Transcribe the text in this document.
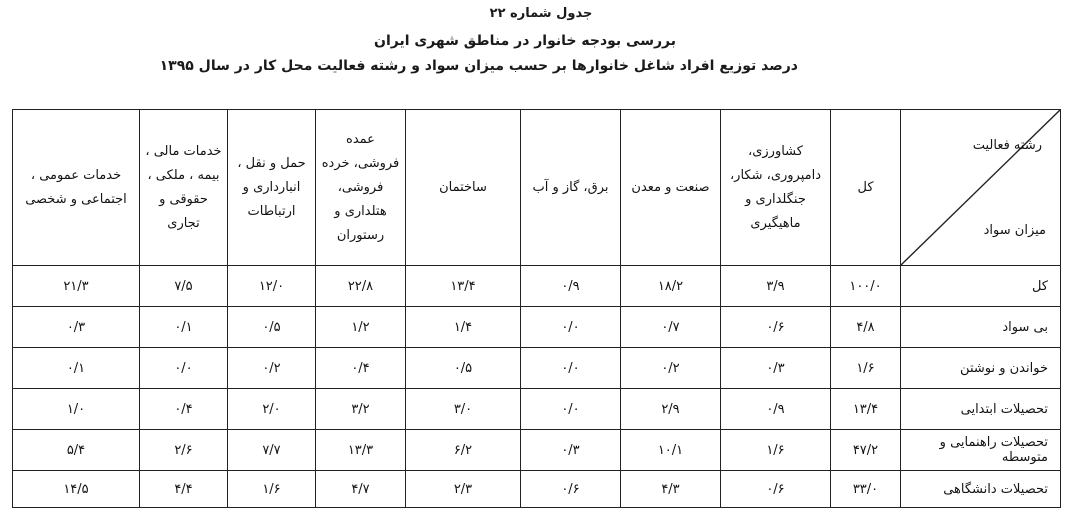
جدول شماره ۲۲
بررسی بودجه خانوار در مناطق شهری ایران
درصد توزیع افراد شاغل خانوارها بر حسب میزان سواد و رشته فعالیت محل کار در سال ۱۳۹۵
رشته فعالیت
میزان سواد	کل	کشاورزی، دامپروری، شکار، جنگلداری و ماهیگیری	صنعت و معدن	برق، گاز و آب	ساختمان	عمده فروشی، خرده فروشی، هتلداری و رستوران	حمل و نقل ، انبارداری و ارتباطات	خدمات مالی ، بیمه ، ملکی ، حقوقی و تجاری	خدمات عمومی ، اجتماعی و شخصی
کل	۱۰۰/۰	۳/۹	۱۸/۲	۰/۹	۱۳/۴	۲۲/۸	۱۲/۰	۷/۵	۲۱/۳
بی سواد	۴/۸	۰/۶	۰/۷	۰/۰	۱/۴	۱/۲	۰/۵	۰/۱	۰/۳
خواندن و نوشتن	۱/۶	۰/۳	۰/۲	۰/۰	۰/۵	۰/۴	۰/۲	۰/۰	۰/۱
تحصیلات ابتدایی	۱۳/۴	۰/۹	۲/۹	۰/۰	۳/۰	۳/۲	۲/۰	۰/۴	۱/۰
تحصیلات راهنمایی و متوسطه	۴۷/۲	۱/۶	۱۰/۱	۰/۳	۶/۲	۱۳/۳	۷/۷	۲/۶	۵/۴
تحصیلات دانشگاهی	۳۳/۰	۰/۶	۴/۳	۰/۶	۲/۳	۴/۷	۱/۶	۴/۴	۱۴/۵
